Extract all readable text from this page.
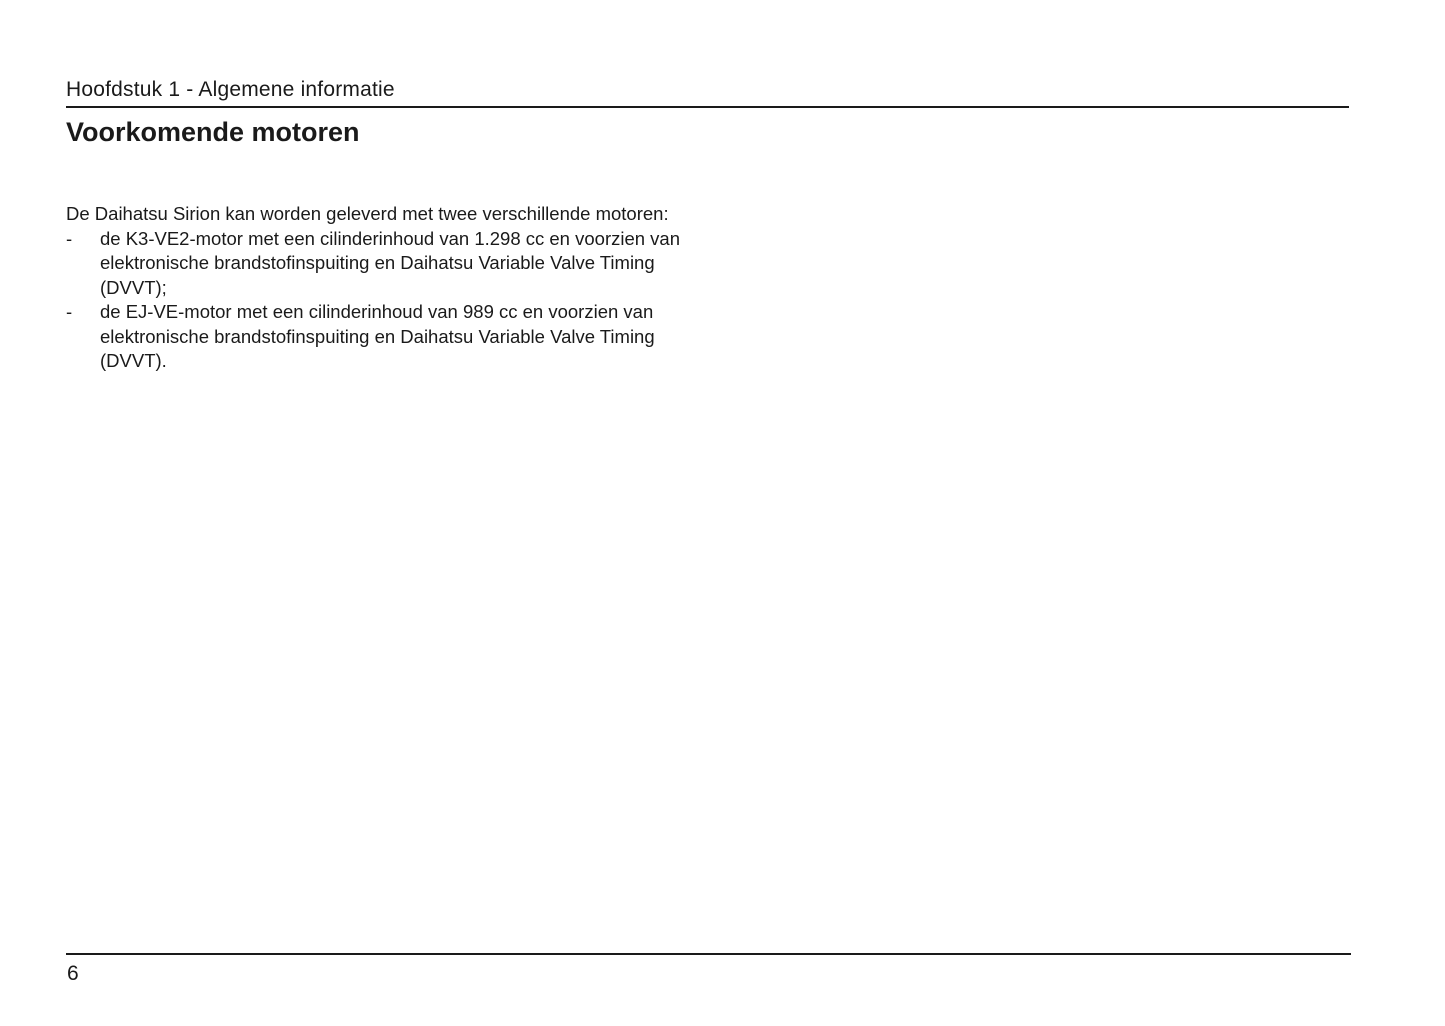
Hoofdstuk 1 - Algemene informatie
Voorkomende motoren

De Daihatsu Sirion kan worden geleverd met twee verschillende motoren:

- de K3-VE2-motor met een cilinderinhoud van 1.298 cc en voorzien van
elektronische brandstofinspuiting en Daihatsu Variable Valve Timing
(DVVT);
- de EJ-VE-motor met een cilinderinhoud van 989 cc en voorzien van
elektronische brandstofinspuiting en Daihatsu Variable Valve Timing
(DVVT).
6
